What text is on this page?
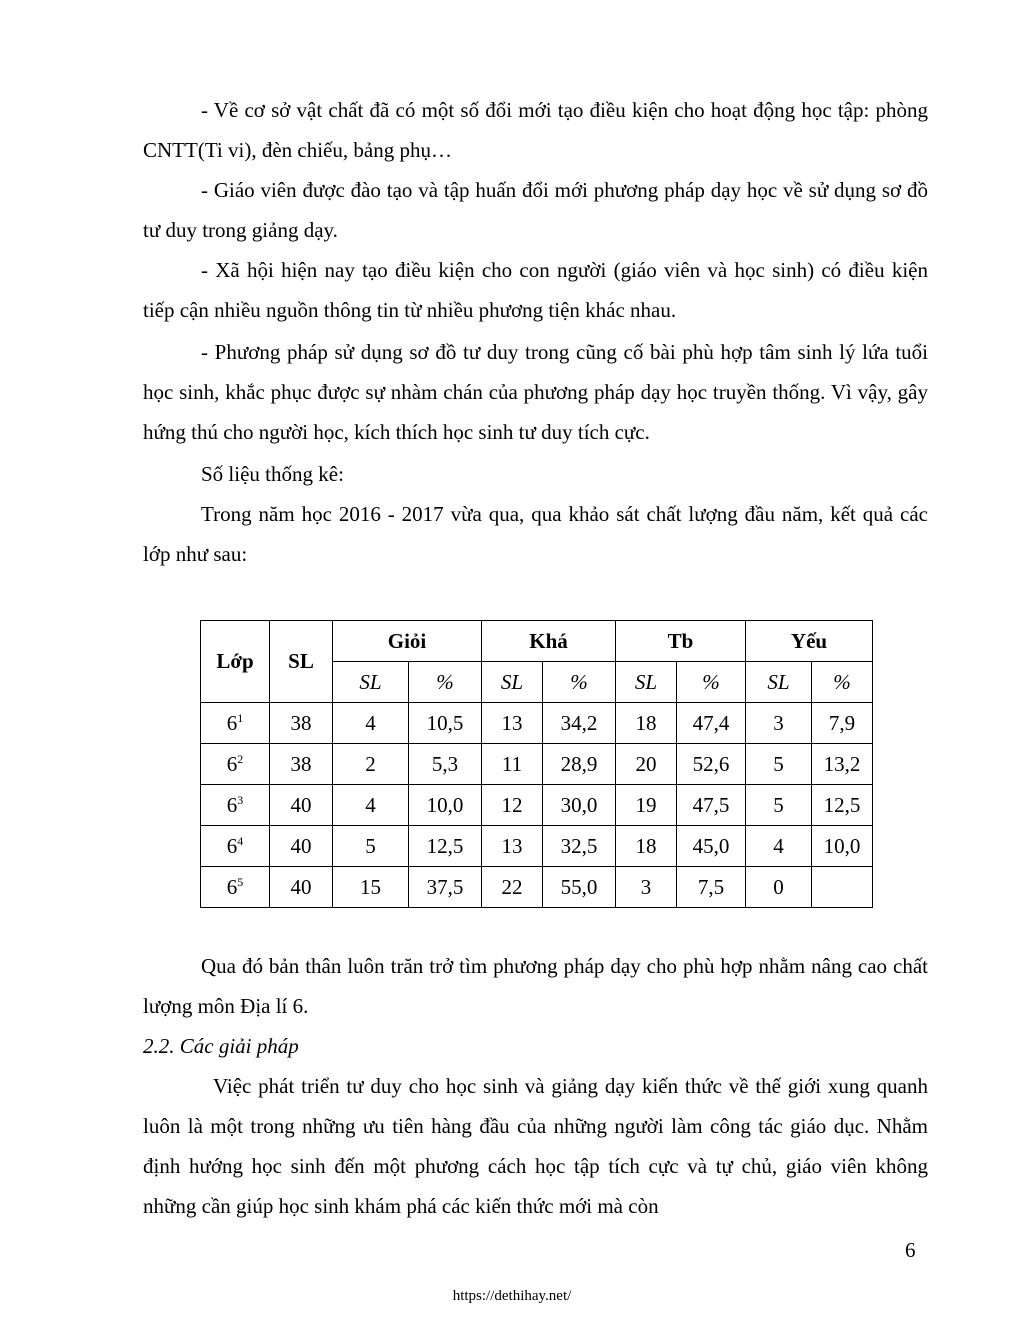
- Về cơ sở vật chất đã có một số đổi mới tạo điều kiện cho hoạt động học tập: phòng CNTT(Ti vi), đèn chiếu, bảng phụ…

- Giáo viên được đào tạo và tập huấn đổi mới phương pháp dạy học về sử dụng sơ đồ tư duy trong giảng dạy.

- Xã hội hiện nay tạo điều kiện cho con người (giáo viên và học sinh) có điều kiện tiếp cận nhiều nguồn thông tin từ nhiều phương tiện khác nhau.

- Phương pháp sử dụng sơ đồ tư duy trong cũng cố bài phù hợp tâm sinh lý lứa tuổi học sinh, khắc phục được sự nhàm chán của phương pháp dạy học truyền thống. Vì vậy, gây hứng thú cho người học, kích thích học sinh tư duy tích cực.

Số liệu thống kê:

Trong năm học 2016 - 2017 vừa qua, qua khảo sát chất lượng đầu năm, kết quả các lớp như sau:

Lớp	SL	Giỏi		Khá		Tb		Yếu	
		SL	%	SL	%	SL	%	SL	%
$6^1$	38	4	10,5	13	34,2	18	47,4	3	7,9
$6^2$	38	2	5,3	11	28,9	20	52,6	5	13,2
$6^3$	40	4	10,0	12	30,0	19	47,5	5	12,5
$6^4$	40	5	12,5	13	32,5	18	45,0	4	10,0
$6^5$	40	15	37,5	22	55,0	3	7,5	0	

Qua đó bản thân luôn trăn trở tìm phương pháp dạy cho phù hợp nhằm nâng cao chất lượng môn Địa lí 6.

2.2. Các giải pháp

Việc phát triển tư duy cho học sinh và giảng dạy kiến thức về thế giới xung quanh luôn là một trong những ưu tiên hàng đầu của những người làm công tác giáo dục. Nhằm định hướng học sinh đến một phương cách học tập tích cực và tự chủ, giáo viên không những cần giúp học sinh khám phá các kiến thức mới mà còn

6
https://dethihay.net/
